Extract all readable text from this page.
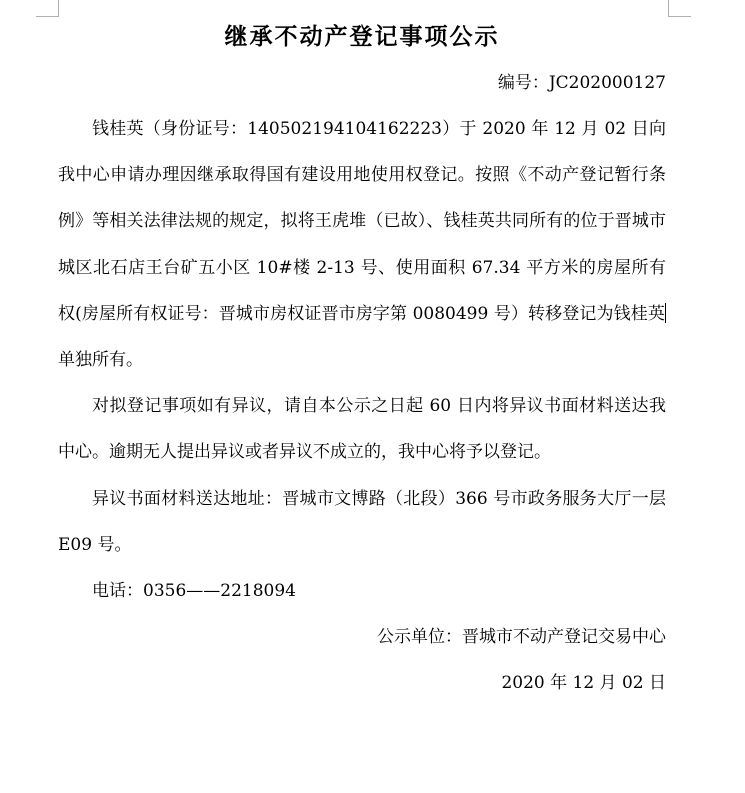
继承不动产登记事项公示
编号：JC202000127

钱桂英（身份证号：140502194104162223）于 2020 年 12 月 02 日向我中心申请办理因继承取得国有建设用地使用权登记。按照《不动产登记暂行条例》等相关法律法规的规定，拟将王虎堆（已故）、钱桂英共同所有的位于晋城市城区北石店王台矿五小区 10#楼 2-13 号、使用面积 67.34 平方米的房屋所有权(房屋所有权证号：晋城市房权证晋市房字第 0080499 号）转移登记为钱桂英单独所有。

对拟登记事项如有异议，请自本公示之日起 60 日内将异议书面材料送达我中心。逾期无人提出异议或者异议不成立的，我中心将予以登记。

异议书面材料送达地址：晋城市文博路（北段）366 号市政务服务大厅一层 E09 号。

电话：0356——2218094

公示单位：晋城市不动产登记交易中心
2020 年 12 月 02 日
